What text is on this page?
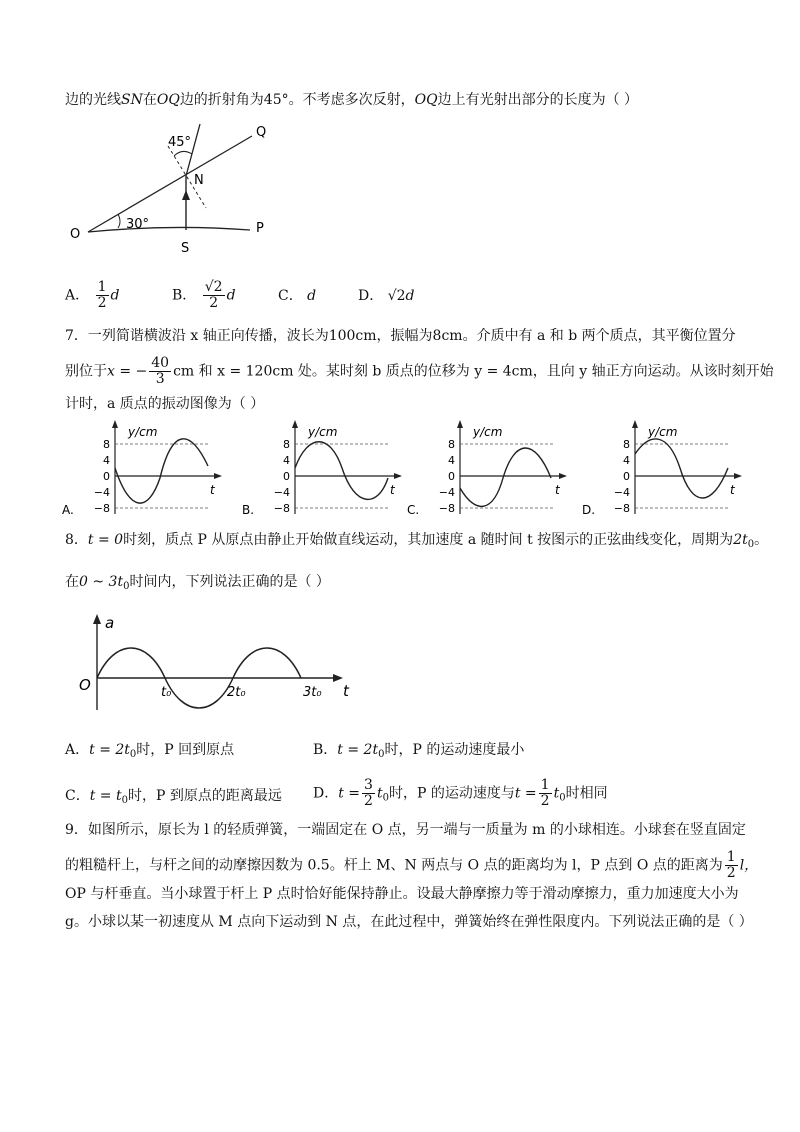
边的光线SN在OQ边的折射角为45°。不考虑多次反射，OQ边上有光射出部分的长度为（ ）
Q
N
O
S
P
45°
30°
A． $\frac{1}{2}$ d	B． $\frac{√2}{2}$ d	C． d	D． √2d
7．一列简谐横波沿 x 轴正向传播，波长为100cm，振幅为8cm。介质中有 a 和 b 两个质点，其平衡位置分
别位于x = − $\frac{40}{3}$ cm 和 x = 120cm 处。某时刻 b 质点的位移为 y = 4cm，且向 y 轴正方向运动。从该时刻开始
计时，a 质点的振动图像为（ ）
y/cm
t
8
4
0
−4
−8
A.
y/cm
t
8
4
0
−4
−8
B.
y/cm
t
8
4
0
−4
−8
C.
y/cm
t
8
4
0
−4
−8
D.
8．t = 0时刻，质点 P 从原点由静止开始做直线运动，其加速度 a 随时间 t 按图示的正弦曲线变化，周期为$2t_0$。
在0 ~ $3t_0$时间内，下列说法正确的是（ ）
a
t
O	t₀	2t₀	3t₀
A．$t = 2t_0$时，P 回到原点	B．$t = 2t_0$时，P 的运动速度最小
C．$t = t_0$时，P 到原点的距离最远 D．$t = \frac{3}{2} t_0$时，P 的运动速度与$t = \frac{1}{2} t_0$时相同
9．如图所示，原长为 l 的轻质弹簧，一端固定在 O 点，另一端与一质量为 m 的小球相连。小球套在竖直固定
的粗糙杆上，与杆之间的动摩擦因数为 0.5。杆上 M、N 两点与 O 点的距离均为 l，P 点到 O 点的距离为 $\frac{1}{2}$ l，
OP 与杆垂直。当小球置于杆上 P 点时恰好能保持静止。设最大静摩擦力等于滑动摩擦力，重力加速度大小为
g。小球以某一初速度从 M 点向下运动到 N 点，在此过程中，弹簧始终在弹性限度内。下列说法正确的是（ ）
